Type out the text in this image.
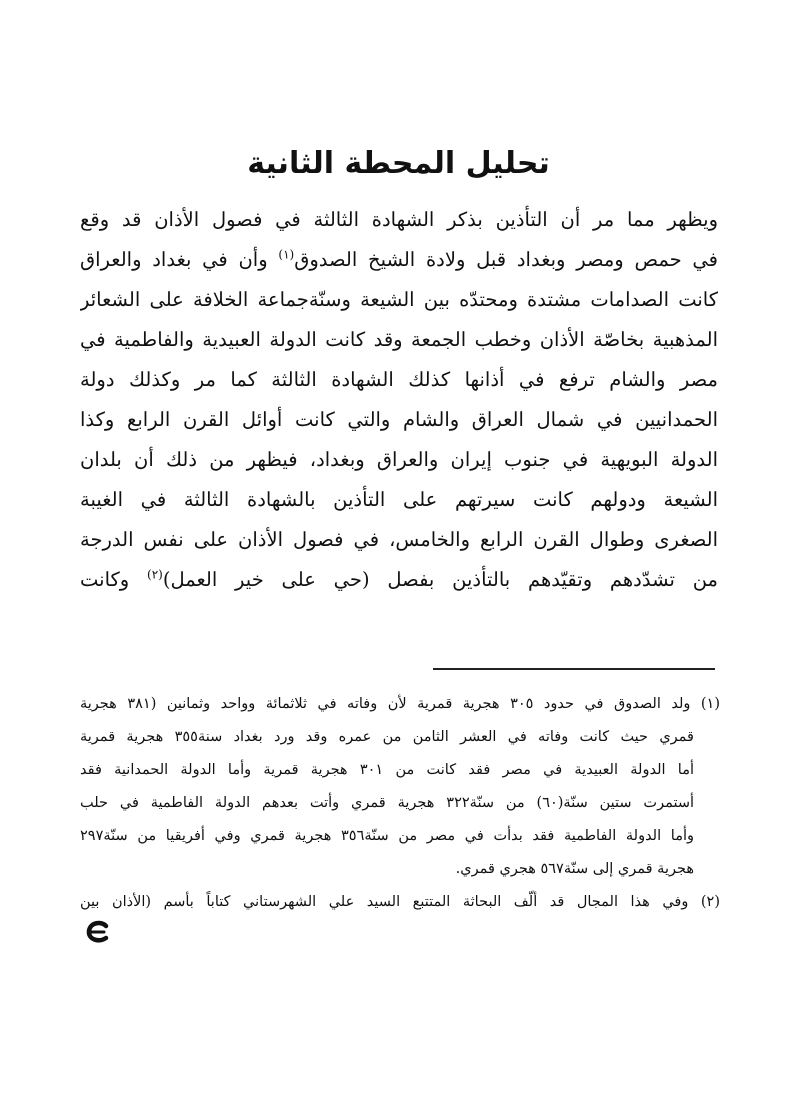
تحليل المحطة الثانية
ويظهر مما مر أن التأذين بذكر الشهادة الثالثة في فصول الأذان قد وقع
في حمص ومصر وبغداد قبل ولادة الشيخ الصدوق$^{(١)}$ وأن في بغداد والعراق
كانت الصدامات مشتدة ومحتدّه بين الشيعة وسنّةجماعة الخلافة على الشعائر
المذهبية بخاصّة الأذان وخطب الجمعة وقد كانت الدولة العبيدية والفاطمية في
مصر والشام ترفع في أذانها كذلك الشهادة الثالثة كما مر وكذلك دولة
الحمدانيين في شمال العراق والشام والتي كانت أوائل القرن الرابع وكذا
الدولة البويهية في جنوب إيران والعراق وبغداد، فيظهر من ذلك أن بلدان
الشيعة ودولهم كانت سيرتهم على التأذين بالشهادة الثالثة في الغيبة
الصغرى وطوال القرن الرابع والخامس، في فصول الأذان على نفس الدرجة
من تشدّدهم وتقيّدهم بالتأذين بفصل (حي على خير العمل)$^{(٢)}$ وكانت
(١) ولد الصدوق في حدود ٣٠٥ هجرية قمرية لأن وفاته في ثلاثمائة وواحد وثمانين (٣٨١ هجرية
قمري حيث كانت وفاته في العشر الثامن من عمره وقد ورد بغداد سنة٣٥٥ هجرية قمرية
أما الدولة العبيدية في مصر فقد كانت من ٣٠١ هجرية قمرية وأما الدولة الحمدانية فقد
أستمرت ستين سنّة(٦٠) من سنّة٣٢٢ هجرية قمري وأتت بعدهم الدولة الفاطمية في حلب
وأما الدولة الفاطمية فقد بدأت في مصر من سنّة٣٥٦ هجرية قمري وفي أفريقيا من سنّة٢٩٧
هجرية قمري إلى سنّة٥٦٧ هجري قمري.
(٢) وفي هذا المجال قد ألّف البحاثة المتتبع السيد علي الشهرستاني كتاباً بأسم (الأذان بين
